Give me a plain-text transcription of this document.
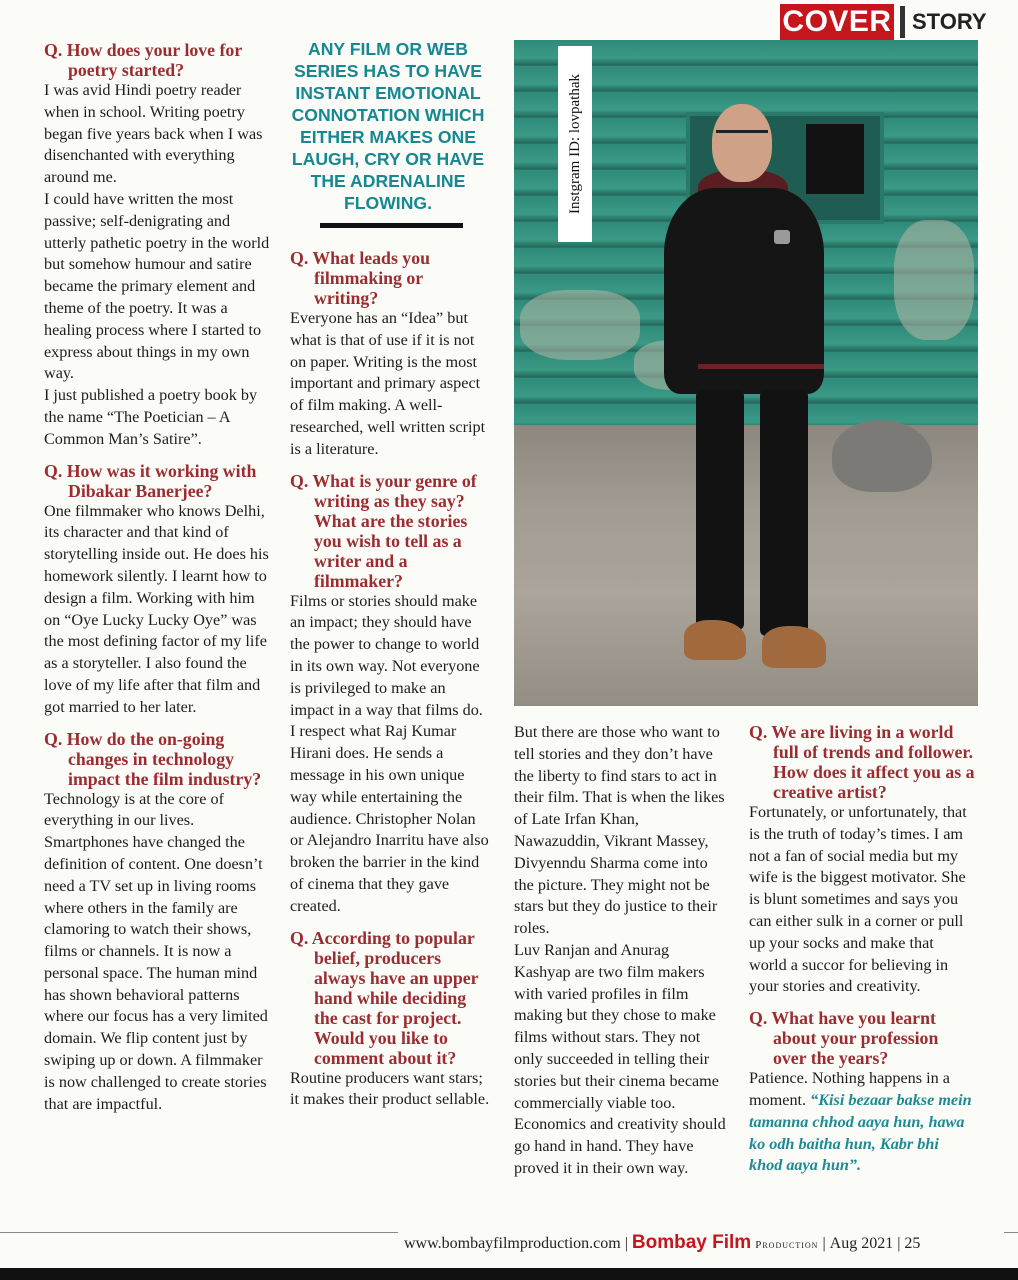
COVER STORY

Q. How does your love for poetry started?

I was avid Hindi poetry reader when in school. Writing poetry began five years back when I was disenchanted with everything around me.

I could have written the most passive; self-denigrating and utterly pathetic poetry in the world but somehow humour and satire became the primary element and theme of the poetry. It was a healing process where I started to express about things in my own way.

I just published a poetry book by the name “The Poetician – A Common Man’s Satire”.

Q. How was it working with Dibakar Banerjee?

One filmmaker who knows Delhi, its character and that kind of storytelling inside out. He does his homework silently. I learnt how to design a film. Working with him on “Oye Lucky Lucky Oye” was the most defining factor of my life as a storyteller. I also found the love of my life after that film and got married to her later.

Q. How do the on-going changes in technology impact the film industry?

Technology is at the core of everything in our lives. Smartphones have changed the definition of content. One doesn’t need a TV set up in living rooms where others in the family are clamoring to watch their shows, films or channels. It is now a personal space. The human mind has shown behavioral patterns where our focus has a very limited domain. We flip content just by swiping up or down. A filmmaker is now challenged to create stories that are impactful.

ANY FILM OR WEB SERIES HAS TO HAVE INSTANT EMOTIONAL CONNOTATION WHICH EITHER MAKES ONE LAUGH, CRY OR HAVE THE ADRENALINE FLOWING.

Q. What leads you filmmaking or writing?

Everyone has an “Idea” but what is that of use if it is not on paper. Writing is the most important and primary aspect of film making. A well-researched, well written script is a literature.

Q. What is your genre of writing as they say? What are the stories you wish to tell as a writer and a filmmaker?

Films or stories should make an impact; they should have the power to change to world in its own way. Not everyone is privileged to make an impact in a way that films do. I respect what Raj Kumar Hirani does. He sends a message in his own unique way while entertaining the audience. Christopher Nolan or Alejandro Inarritu have also broken the barrier in the kind of cinema that they gave created.

Q. According to popular belief, producers always have an upper hand while deciding the cast for project. Would you like to comment about it?

Routine producers want stars; it makes their product sellable.

Instgram ID: lovpathak

But there are those who want to tell stories and they don’t have the liberty to find stars to act in their film. That is when the likes of Late Irfan Khan, Nawazuddin, Vikrant Massey, Divyenndu Sharma come into the picture. They might not be stars but they do justice to their roles.

Luv Ranjan and Anurag Kashyap are two film makers with varied profiles in film making but they chose to make films without stars. They not only succeeded in telling their stories but their cinema became commercially viable too. Economics and creativity should go hand in hand. They have proved it in their own way.

Q. We are living in a world full of trends and follower. How does it affect you as a creative artist?

Fortunately, or unfortunately, that is the truth of today’s times. I am not a fan of social media but my wife is the biggest motivator. She is blunt sometimes and says you can either sulk in a corner or pull up your socks and make that world a succor for believing in your stories and creativity.

Q. What have you learnt about your profession over the years?

Patience. Nothing happens in a moment. “Kisi bezaar bakse mein tamanna chhod aaya hun, hawa ko odh baitha hun, Kabr bhi khod aaya hun”.

www.bombayfilmproduction.com | Bombay Film Production | Aug 2021 | 25
